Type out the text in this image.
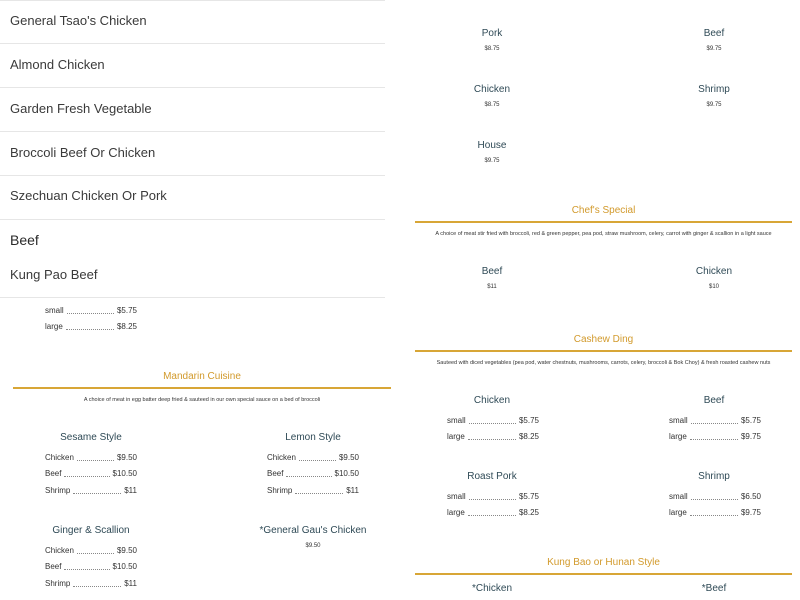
General Tsao's Chicken
Almond Chicken
Garden Fresh Vegetable
Broccoli Beef Or Chicken
Szechuan Chicken Or Pork
Beef
Kung Pao Beef
small	$5.75
large	$8.25
Mandarin Cuisine
A choice of meat in egg batter deep fried & sauteed in our own special sauce on a bed of broccoli
Sesame Style
Chicken	$9.50
Beef	$10.50
Shrimp	$11
Lemon Style
Chicken	$9.50
Beef	$10.50
Shrimp	$11
Ginger & Scallion
Chicken	$9.50
Beef	$10.50
Shrimp	$11
*General Gau's Chicken
$9.50
Pork
$8.75
Beef
$9.75
Chicken
$8.75
Shrimp
$9.75
House
$9.75
Chef's Special
A choice of meat stir fried with broccoli, red & green pepper, pea pod, straw mushroom, celery, carrot with ginger & scallion in a light sauce
Beef
$11
Chicken
$10
Cashew Ding
Sauteed with diced vegetables (pea pod, water chestnuts, mushrooms, carrots, celery, broccoli & Bok Choy) & fresh roasted cashew nuts
Chicken
small	$5.75
large	$8.25
Beef
small	$5.75
large	$9.75
Roast Pork
small	$5.75
large	$8.25
Shrimp
small	$6.50
large	$9.75
Kung Bao or Hunan Style
*Chicken	*Beef
